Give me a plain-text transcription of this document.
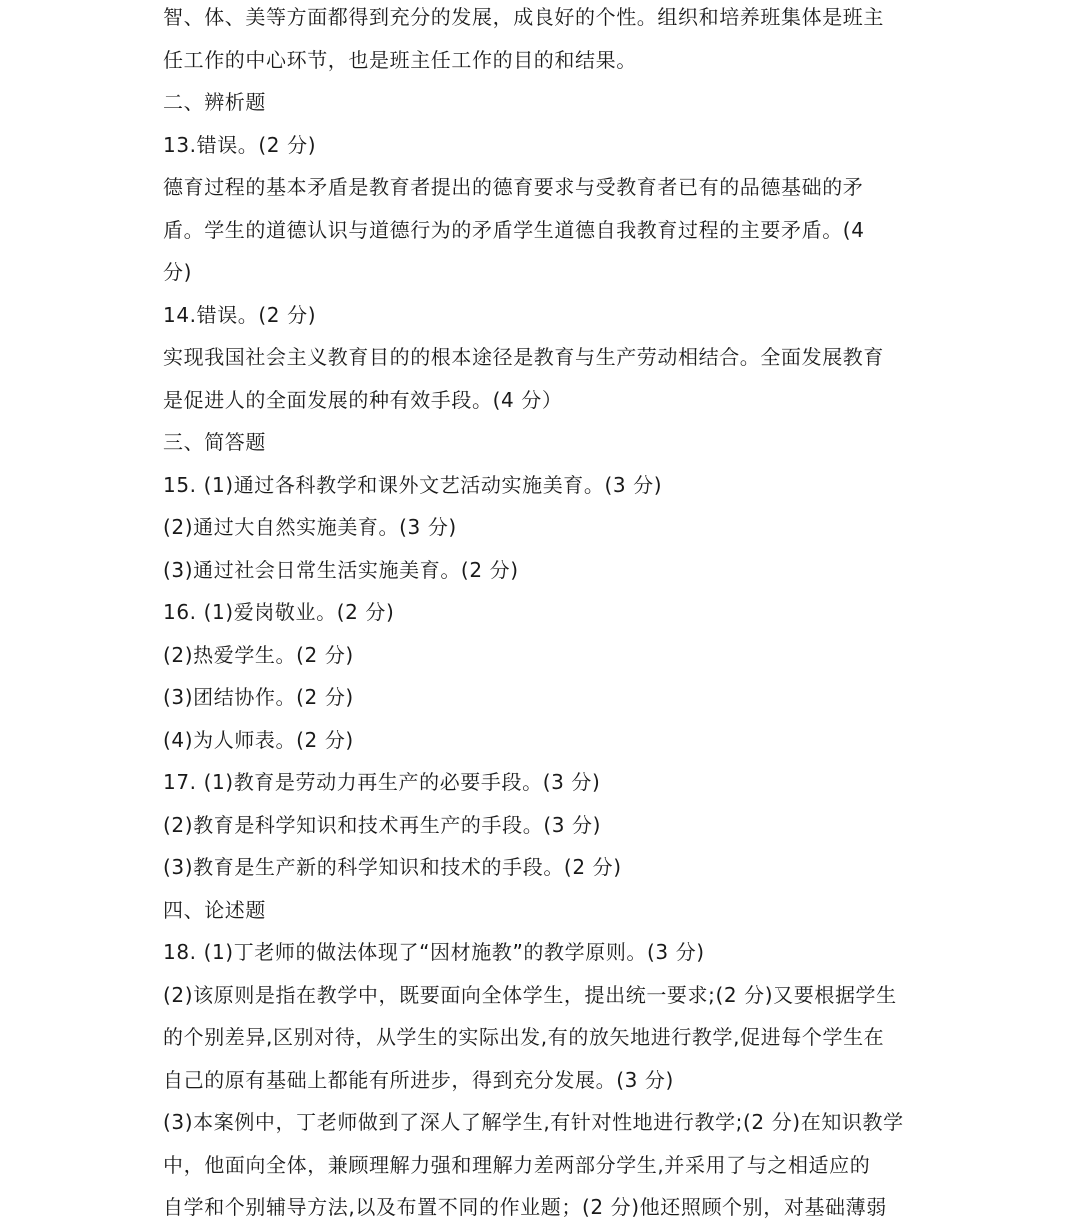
智、体、美等方面都得到充分的发展，成良好的个性。组织和培养班集体是班主
任工作的中心环节，也是班主任工作的目的和结果。
二、辨析题
13.错误。(2 分)
德育过程的基本矛盾是教育者提出的德育要求与受教育者已有的品德基础的矛
盾。学生的道德认识与道德行为的矛盾学生道德自我教育过程的主要矛盾。(4
分)
14.错误。(2 分)
实现我国社会主义教育目的的根本途径是教育与生产劳动相结合。全面发展教育
是促进人的全面发展的种有效手段。(4 分）
三、简答题
15. (1)通过各科教学和课外文艺活动实施美育。(3 分)
(2)通过大自然实施美育。(3 分)
(3)通过社会日常生活实施美育。(2 分)
16. (1)爱岗敬业。(2 分)
(2)热爱学生。(2 分)
(3)团结协作。(2 分)
(4)为人师表。(2 分)
17. (1)教育是劳动力再生产的必要手段。(3 分)
(2)教育是科学知识和技术再生产的手段。(3 分)
(3)教育是生产新的科学知识和技术的手段。(2 分)
四、论述题
18. (1)丁老师的做法体现了“因材施教”的教学原则。(3 分)
(2)该原则是指在教学中，既要面向全体学生，提出统一要求;(2 分)又要根据学生
的个别差异,区别对待，从学生的实际出发,有的放矢地进行教学,促进每个学生在
自己的原有基础上都能有所进步，得到充分发展。(3 分)
(3)本案例中，丁老师做到了深人了解学生,有针对性地进行教学;(2 分)在知识教学
中，他面向全体，兼顾理解力强和理解力差两部分学生,并采用了与之相适应的
自学和个别辅导方法,以及布置不同的作业题；(2 分)他还照顾个别，对基础薄弱
